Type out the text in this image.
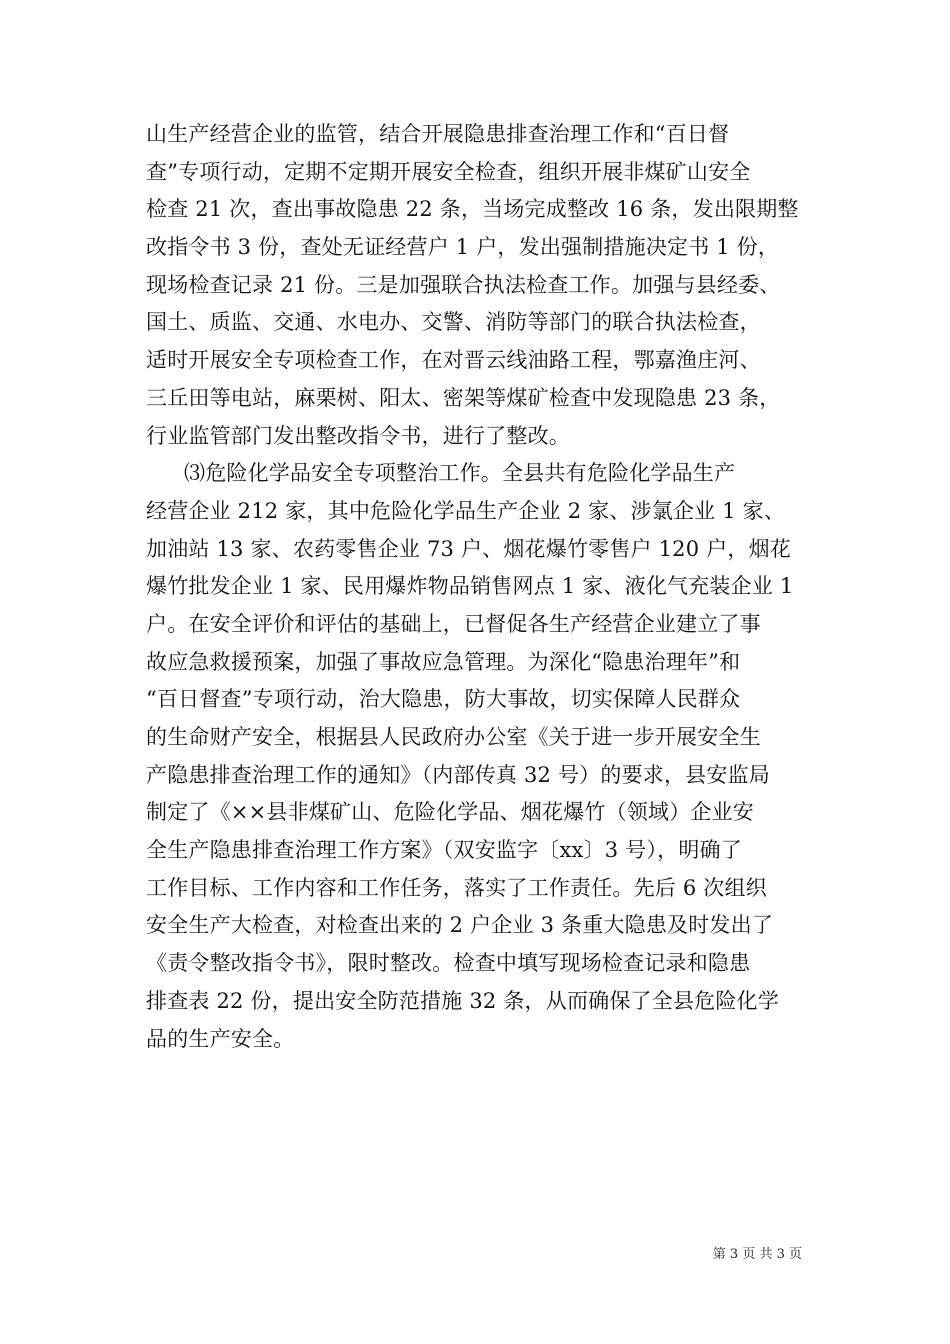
山生产经营企业的监管，结合开展隐患排查治理工作和“百日督
查”专项行动，定期不定期开展安全检查，组织开展非煤矿山安全
检查 21 次，查出事故隐患 22 条，当场完成整改 16 条，发出限期整
改指令书 3 份，查处无证经营户 1 户，发出强制措施决定书 1 份，
现场检查记录 21 份。三是加强联合执法检查工作。加强与县经委、
国土、质监、交通、水电办、交警、消防等部门的联合执法检查，
适时开展安全专项检查工作，在对晋云线油路工程，鄂嘉渔庄河、
三丘田等电站，麻栗树、阳太、密架等煤矿检查中发现隐患 23 条，
行业监管部门发出整改指令书，进行了整改。
⑶危险化学品安全专项整治工作。全县共有危险化学品生产
经营企业 212 家，其中危险化学品生产企业 2 家、涉氯企业 1 家、
加油站 13 家、农药零售企业 73 户、烟花爆竹零售户 120 户，烟花
爆竹批发企业 1 家、民用爆炸物品销售网点 1 家、液化气充装企业 1
户。在安全评价和评估的基础上，已督促各生产经营企业建立了事
故应急救援预案，加强了事故应急管理。为深化“隐患治理年”和
“百日督查”专项行动，治大隐患，防大事故，切实保障人民群众
的生命财产安全，根据县人民政府办公室《关于进一步开展安全生
产隐患排查治理工作的通知》（内部传真 32 号）的要求，县安监局
制定了《××县非煤矿山、危险化学品、烟花爆竹（领域）企业安
全生产隐患排查治理工作方案》（双安监字〔xx〕3 号），明确了
工作目标、工作内容和工作任务，落实了工作责任。先后 6 次组织
安全生产大检查，对检查出来的 2 户企业 3 条重大隐患及时发出了
《责令整改指令书》，限时整改。检查中填写现场检查记录和隐患
排查表 22 份，提出安全防范措施 32 条，从而确保了全县危险化学
品的生产安全。
第 3 页 共 3 页
